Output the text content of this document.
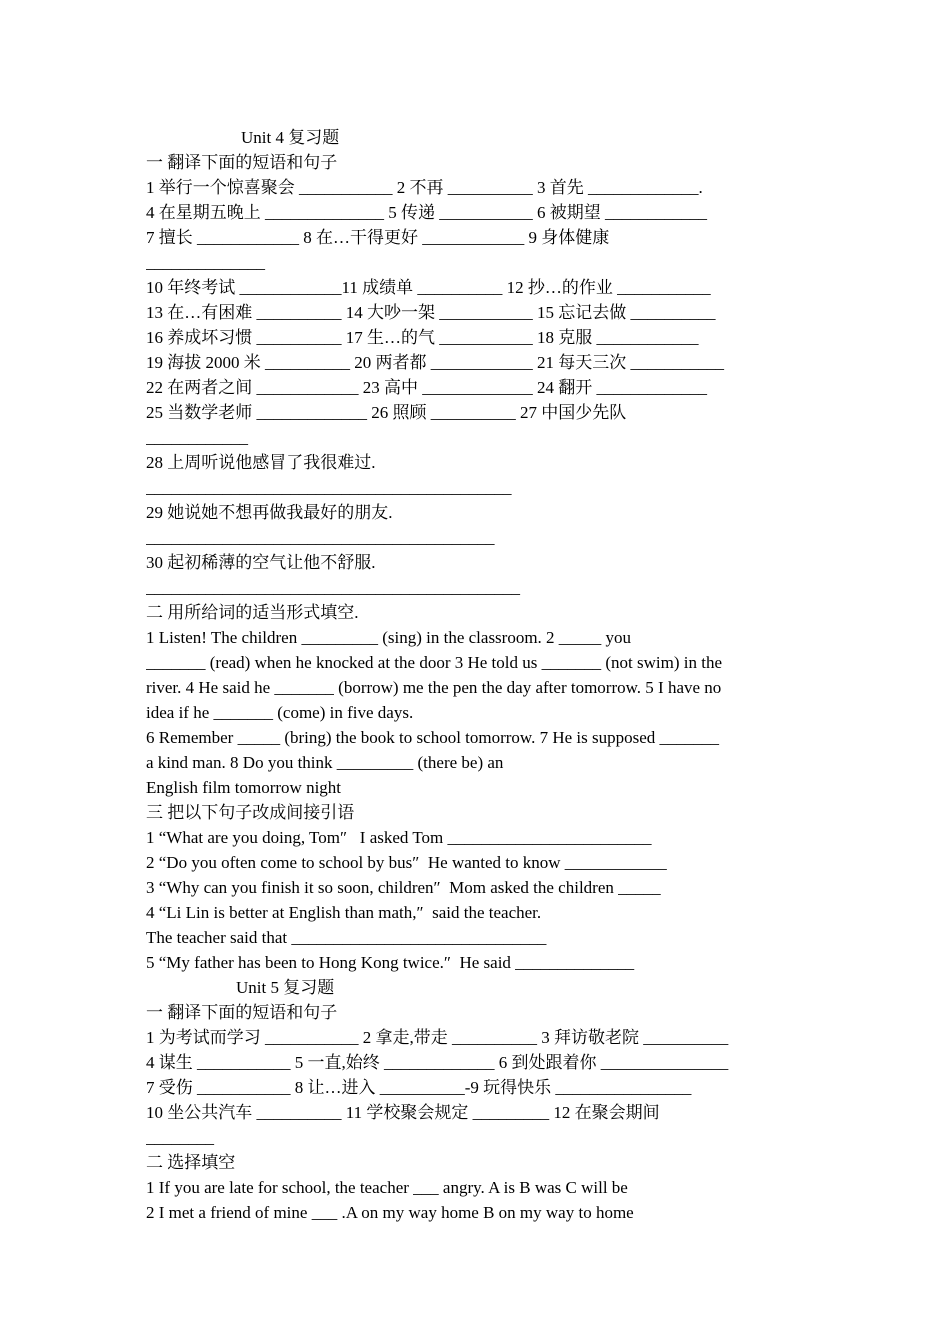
Unit 4 复习题
一 翻译下面的短语和句子
1 举行一个惊喜聚会 ___________ 2 不再 __________ 3 首先 _____________.
4 在星期五晚上 ______________ 5 传递 ___________ 6 被期望 ____________
7 擅长 ____________ 8 在…干得更好 ____________ 9 身体健康
______________
10 年终考试 ____________11 成绩单 __________ 12 抄…的作业 ___________
13 在…有困难 __________ 14 大吵一架 ___________ 15 忘记去做 __________
16 养成坏习惯 __________ 17 生…的气 ___________ 18 克服 ____________
19 海拔 2000 米 __________ 20 两者都 ____________ 21 每天三次 ___________
22 在两者之间 ____________ 23 高中 _____________ 24 翻开 _____________
25 当数学老师 _____________ 26 照顾 __________ 27 中国少先队
____________
28 上周听说他感冒了我很难过.
___________________________________________
29 她说她不想再做我最好的朋友.
_________________________________________
30 起初稀薄的空气让他不舒服.
____________________________________________
二 用所给词的适当形式填空.
1 Listen! The children _________ (sing) in the classroom. 2 _____ you
_______ (read) when he knocked at the door 3 He told us _______ (not swim) in the
river. 4 He said he _______ (borrow) me the pen the day after tomorrow. 5 I have no
idea if he _______ (come) in five days.
6 Remember _____ (bring) the book to school tomorrow. 7 He is supposed _______
a kind man. 8 Do you think _________ (there be) an
English film tomorrow night
三 把以下句子改成间接引语
1 “What are you doing, Tom″   I asked Tom ________________________
2 “Do you often come to school by bus″  He wanted to know ____________
3 “Why can you finish it so soon, children″  Mom asked the children _____
4 “Li Lin is better at English than math,″  said the teacher.
The teacher said that ______________________________
5 “My father has been to Hong Kong twice.″  He said ______________
Unit 5 复习题
一 翻译下面的短语和句子
1 为考试而学习 ___________ 2 拿走,带走 __________ 3 拜访敬老院 __________
4 谋生 ___________ 5 一直,始终 _____________ 6 到处跟着你 _______________
7 受伤 ___________ 8 让…进入 __________-9 玩得快乐 ________________
10 坐公共汽车 __________ 11 学校聚会规定 _________ 12 在聚会期间
________
二 选择填空
1 If you are late for school, the teacher ___ angry. A is B was C will be
2 I met a friend of mine ___ .A on my way home B on my way to home
